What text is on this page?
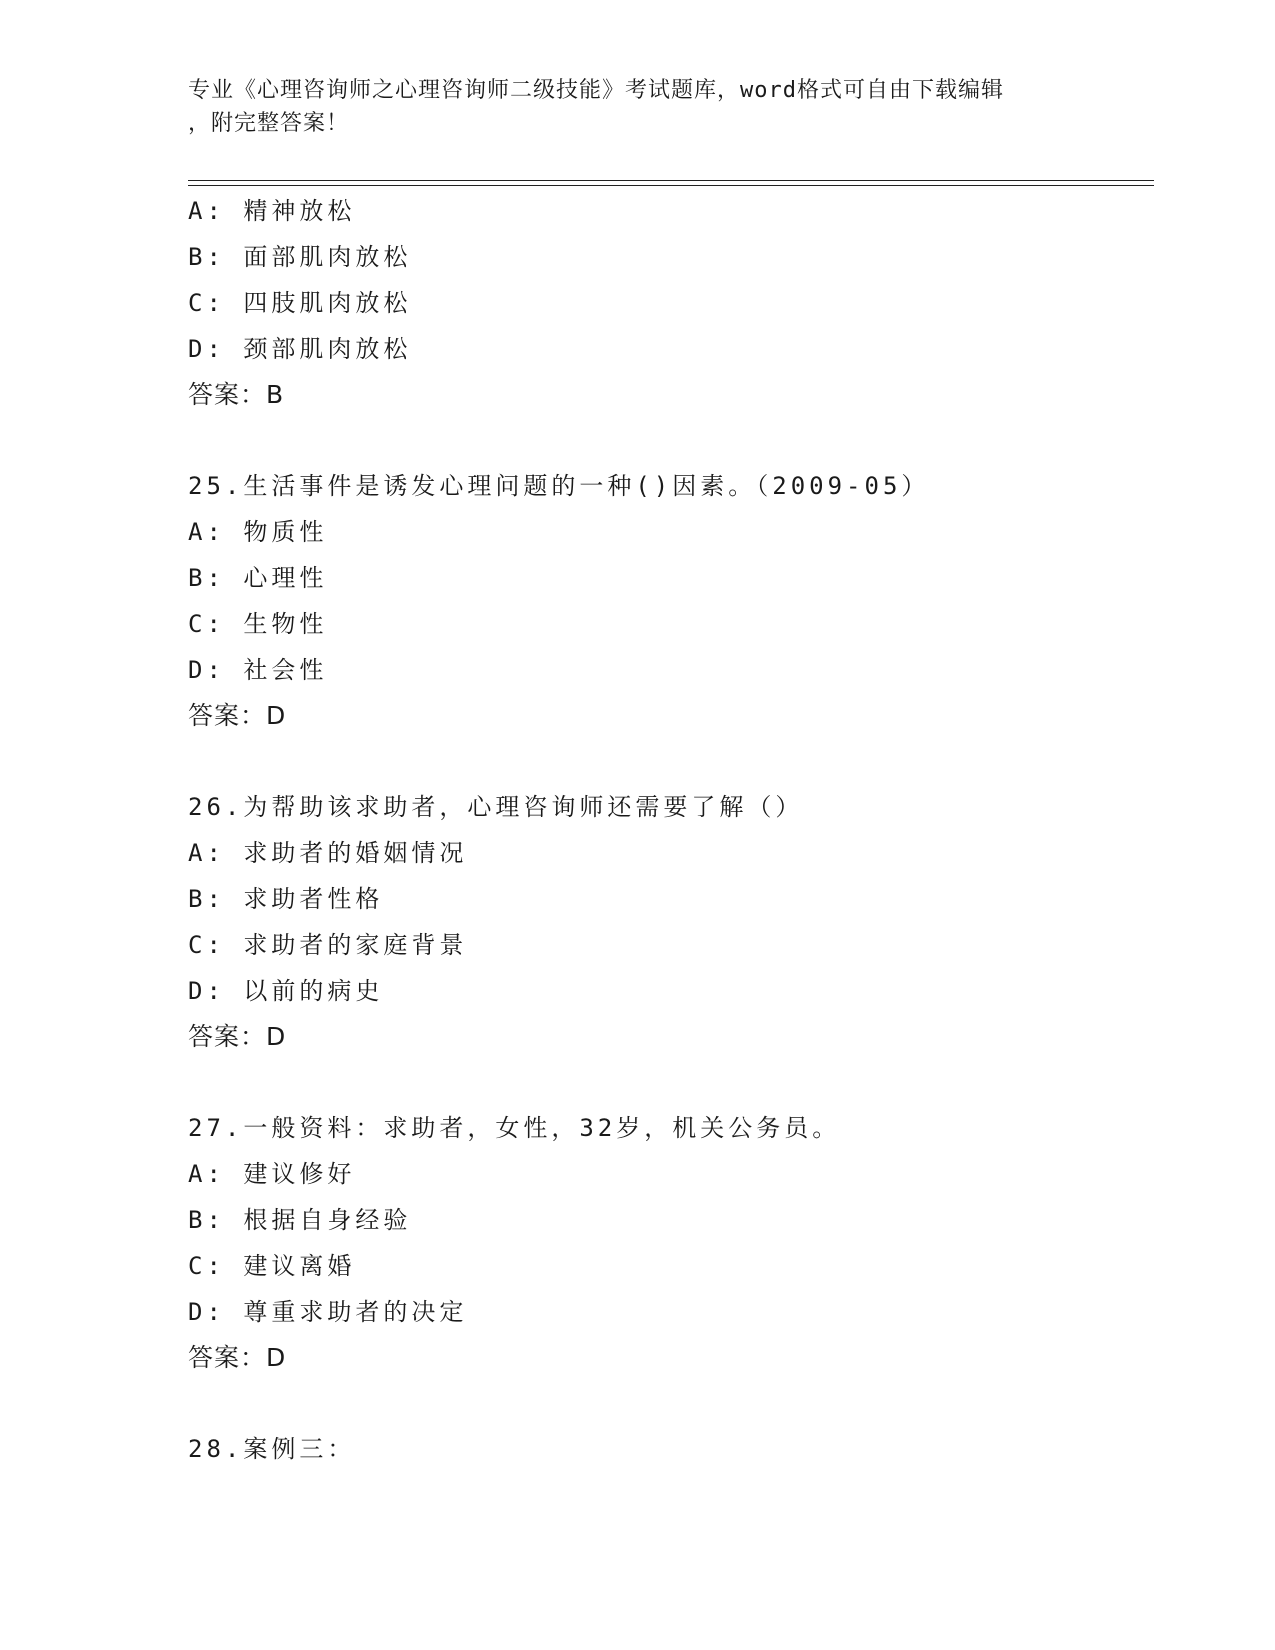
专业《心理咨询师之心理咨询师二级技能》考试题库，word格式可自由下载编辑
，附完整答案！
A: 精神放松
B: 面部肌肉放松
C: 四肢肌肉放松
D: 颈部肌肉放松
答案：B
25.生活事件是诱发心理问题的一种()因素。（2009-05）
A: 物质性
B: 心理性
C: 生物性
D: 社会性
答案：D
26.为帮助该求助者，心理咨询师还需要了解（）
A: 求助者的婚姻情况
B: 求助者性格
C: 求助者的家庭背景
D: 以前的病史
答案：D
27.一般资料：求助者，女性，32岁，机关公务员。
A: 建议修好
B: 根据自身经验
C: 建议离婚
D: 尊重求助者的决定
答案：D
28.案例三：
